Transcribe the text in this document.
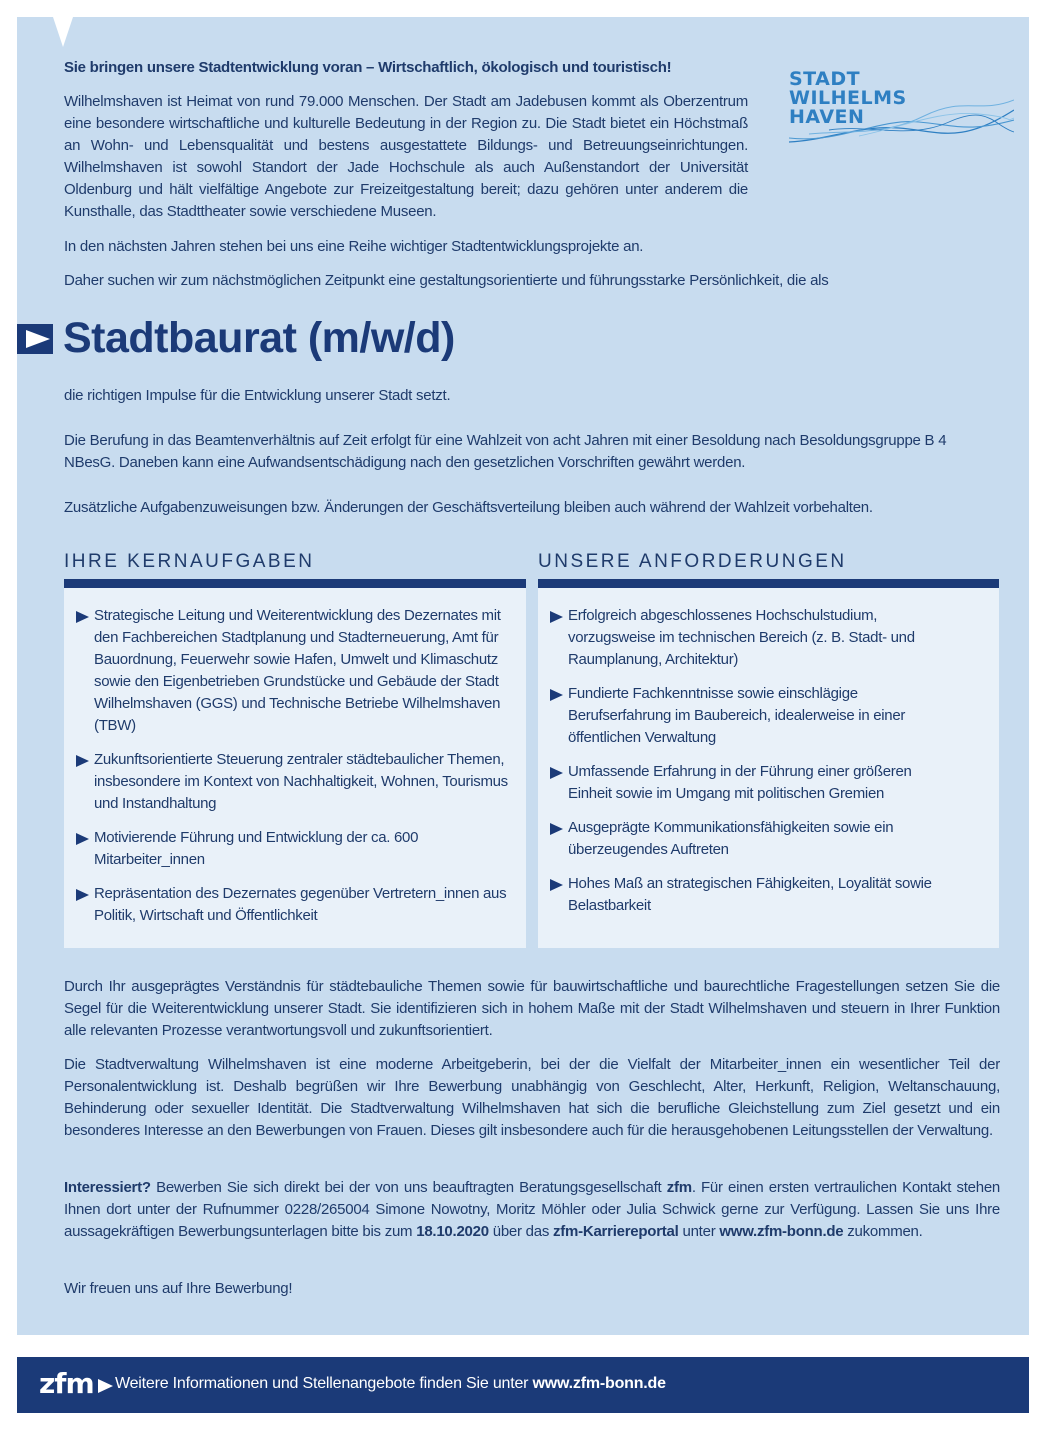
STADT
WILHELMS
HAVEN
Sie bringen unsere Stadtentwicklung voran – Wirtschaftlich, ökologisch und touristisch!
Wilhelmshaven ist Heimat von rund 79.000 Menschen. Der Stadt am Jadebusen kommt als Oberzentrum eine besondere wirtschaftliche und kulturelle Bedeutung in der Region zu. Die Stadt bietet ein Höchstmaß an Wohn- und Lebensqualität und bestens ausgestattete Bildungs- und Betreuungseinrichtungen. Wilhelmshaven ist sowohl Standort der Jade Hochschule als auch Außenstandort der Universität Oldenburg und hält vielfältige Angebote zur Freizeitgestaltung bereit; dazu gehören unter anderem die Kunsthalle, das Stadttheater sowie verschiedene Museen.
In den nächsten Jahren stehen bei uns eine Reihe wichtiger Stadtentwicklungsprojekte an.
Daher suchen wir zum nächstmöglichen Zeitpunkt eine gestaltungsorientierte und führungsstarke Persönlichkeit, die als
Stadtbaurat (m/w/d)
die richtigen Impulse für die Entwicklung unserer Stadt setzt.
Die Berufung in das Beamtenverhältnis auf Zeit erfolgt für eine Wahlzeit von acht Jahren mit einer Besoldung nach Besoldungsgruppe B 4 NBesG. Daneben kann eine Aufwandsentschädigung nach den gesetzlichen Vorschriften gewährt werden.
Zusätzliche Aufgabenzuweisungen bzw. Änderungen der Geschäftsverteilung bleiben auch während der Wahlzeit vorbehalten.
IHRE KERNAUFGABEN
Strategische Leitung und Weiterentwicklung des Dezernates mit den Fachbereichen Stadtplanung und Stadterneuerung, Amt für Bauordnung, Feuerwehr sowie Hafen, Umwelt und Klimaschutz sowie den Eigenbetrieben Grundstücke und Gebäude der Stadt Wilhelmshaven (GGS) und Technische Betriebe Wilhelmshaven (TBW)
Zukunftsorientierte Steuerung zentraler städtebaulicher Themen, insbesondere im Kontext von Nachhaltigkeit, Wohnen, Tourismus und Instandhaltung
Motivierende Führung und Entwicklung der ca. 600 Mitarbeiter_innen
Repräsentation des Dezernates gegenüber Vertretern_innen aus Politik, Wirtschaft und Öffentlichkeit
UNSERE ANFORDERUNGEN
Erfolgreich abgeschlossenes Hochschulstudium, vorzugsweise im technischen Bereich (z. B. Stadt- und Raumplanung, Architektur)
Fundierte Fachkenntnisse sowie einschlägige Berufserfahrung im Baubereich, idealerweise in einer öffentlichen Verwaltung
Umfassende Erfahrung in der Führung einer größeren Einheit sowie im Umgang mit politischen Gremien
Ausgeprägte Kommunikationsfähigkeiten sowie ein überzeugendes Auftreten
Hohes Maß an strategischen Fähigkeiten, Loyalität sowie Belastbarkeit
Durch Ihr ausgeprägtes Verständnis für städtebauliche Themen sowie für bauwirtschaftliche und baurechtliche Fragestellungen setzen Sie die Segel für die Weiterentwicklung unserer Stadt. Sie identifizieren sich in hohem Maße mit der Stadt Wilhelmshaven und steuern in Ihrer Funktion alle relevanten Prozesse verantwortungsvoll und zukunftsorientiert.
Die Stadtverwaltung Wilhelmshaven ist eine moderne Arbeitgeberin, bei der die Vielfalt der Mitarbeiter_innen ein wesentlicher Teil der Personalentwicklung ist. Deshalb begrüßen wir Ihre Bewerbung unabhängig von Geschlecht, Alter, Herkunft, Religion, Weltanschauung, Behinderung oder sexueller Identität. Die Stadtverwaltung Wilhelmshaven hat sich die berufliche Gleichstellung zum Ziel gesetzt und ein besonderes Interesse an den Bewerbungen von Frauen. Dieses gilt insbesondere auch für die herausgehobenen Leitungsstellen der Verwaltung.
Interessiert? Bewerben Sie sich direkt bei der von uns beauftragten Beratungsgesellschaft zfm. Für einen ersten vertraulichen Kontakt stehen Ihnen dort unter der Rufnummer 0228/265004 Simone Nowotny, Moritz Möhler oder Julia Schwick gerne zur Verfügung. Lassen Sie uns Ihre aussagekräftigen Bewerbungsunterlagen bitte bis zum 18.10.2020 über das zfm-Karriereportal unter www.zfm-bonn.de zukommen.
Wir freuen uns auf Ihre Bewerbung!
zfm Weitere Informationen und Stellenangebote finden Sie unter www.zfm-bonn.de
